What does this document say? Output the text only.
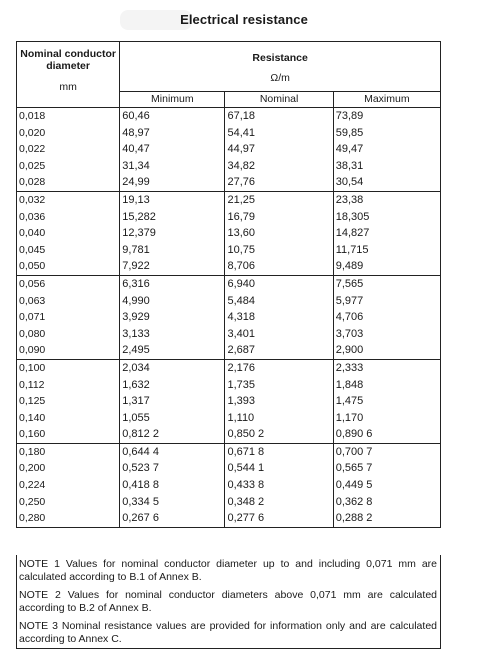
Electrical resistance
Nominal conductor diameter
mm	Resistance
Ω/m		

	Minimum	Nominal	Maximum
0,018	60,46	67,18	73,89
0,020	48,97	54,41	59,85
0,022	40,47	44,97	49,47
0,025	31,34	34,82	38,31
0,028	24,99	27,76	30,54
0,032	19,13	21,25	23,38
0,036	15,282	16,79	18,305
0,040	12,379	13,60	14,827
0,045	9,781	10,75	11,715
0,050	7,922	8,706	9,489
0,056	6,316	6,940	7,565
0,063	4,990	5,484	5,977
0,071	3,929	4,318	4,706
0,080	3,133	3,401	3,703
0,090	2,495	2,687	2,900
0,100	2,034	2,176	2,333
0,112	1,632	1,735	1,848
0,125	1,317	1,393	1,475
0,140	1,055	1,110	1,170
0,160	0,812 2	0,850 2	0,890 6
0,180	0,644 4	0,671 8	0,700 7
0,200	0,523 7	0,544 1	0,565 7
0,224	0,418 8	0,433 8	0,449 5
0,250	0,334 5	0,348 2	0,362 8
0,280	0,267 6	0,277 6	0,288 2
NOTE 1 Values for nominal conductor diameter up to and including 0,071 mm are calculated according to B.1 of Annex B.
NOTE 2 Values for nominal conductor diameters above 0,071 mm are calculated according to B.2 of Annex B.
NOTE 3 Nominal resistance values are provided for information only and are calculated according to Annex C.
